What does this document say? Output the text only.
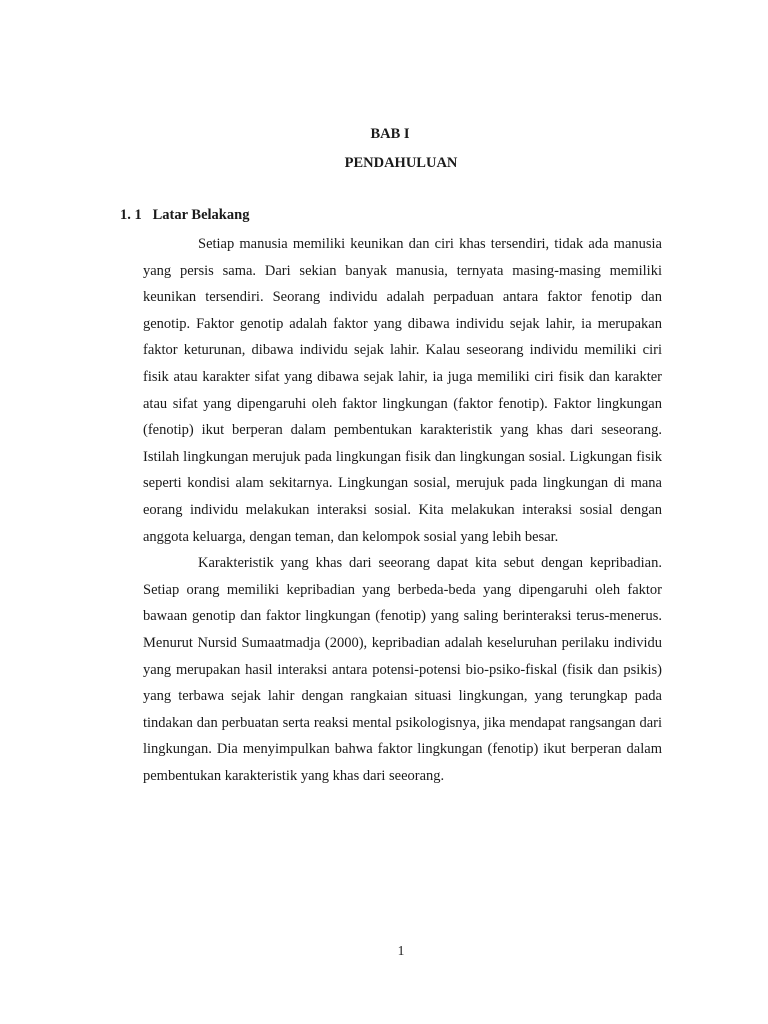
BAB I
PENDAHULUAN
1. 1 Latar Belakang

Setiap manusia memiliki keunikan dan ciri khas tersendiri, tidak ada manusia yang persis sama. Dari sekian banyak manusia, ternyata masing-masing memiliki keunikan tersendiri. Seorang individu adalah perpaduan antara faktor fenotip dan genotip. Faktor genotip adalah faktor yang dibawa individu sejak lahir, ia merupakan faktor keturunan, dibawa individu sejak lahir. Kalau seseorang individu memiliki ciri fisik atau karakter sifat yang dibawa sejak lahir, ia juga memiliki ciri fisik dan karakter atau sifat yang dipengaruhi oleh faktor lingkungan (faktor fenotip). Faktor lingkungan (fenotip) ikut berperan dalam pembentukan karakteristik yang khas dari seseorang. Istilah lingkungan merujuk pada lingkungan fisik dan lingkungan sosial. Ligkungan fisik seperti kondisi alam sekitarnya. Lingkungan sosial, merujuk pada lingkungan di mana eorang individu melakukan interaksi sosial. Kita melakukan interaksi sosial dengan anggota keluarga, dengan teman, dan kelompok sosial yang lebih besar.

Karakteristik yang khas dari seeorang dapat kita sebut dengan kepribadian. Setiap orang memiliki kepribadian yang berbeda-beda yang dipengaruhi oleh faktor bawaan genotip dan faktor lingkungan (fenotip) yang saling berinteraksi terus-menerus. Menurut Nursid Sumaatmadja (2000), kepribadian adalah keseluruhan perilaku individu yang merupakan hasil interaksi antara potensi-potensi bio-psiko-fiskal (fisik dan psikis) yang terbawa sejak lahir dengan rangkaian situasi lingkungan, yang terungkap pada tindakan dan perbuatan serta reaksi mental psikologisnya, jika mendapat rangsangan dari lingkungan. Dia menyimpulkan bahwa faktor lingkungan (fenotip) ikut berperan dalam pembentukan karakteristik yang khas dari seeorang.

1
